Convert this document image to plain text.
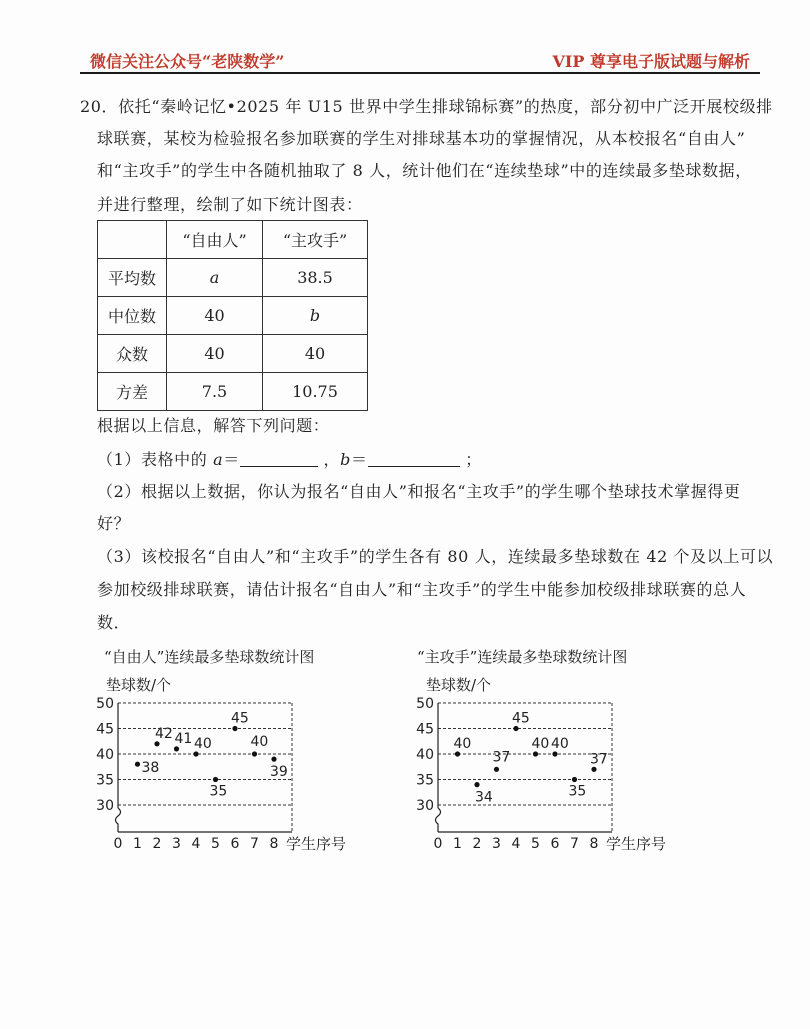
微信关注公众号“老陕数学”	VIP 尊享电子版试题与解析
20．依托“秦岭记忆•2025 年 U15 世界中学生排球锦标赛”的热度，部分初中广泛开展校级排
球联赛，某校为检验报名参加联赛的学生对排球基本功的掌握情况，从本校报名“自由人”
和“主攻手”的学生中各随机抽取了 8 人，统计他们在“连续垫球”中的连续最多垫球数据，
并进行整理，绘制了如下统计图表：
	“自由人”	“主攻手”
平均数	a	38.5
中位数	40	b
众数	40	40
方差	7.5	10.75
根据以上信息，解答下列问题：
（1）表格中的 a＝	，b＝	；
（2）根据以上数据，你认为报名“自由人”和报名“主攻手”的学生哪个垫球技术掌握得更
好？
（3）该校报名“自由人”和“主攻手”的学生各有 80 人，连续最多垫球数在 42 个及以上可以
参加校级排球联赛，请估计报名“自由人”和“主攻手”的学生中能参加校级排球联赛的总人
数．
“自由人”连续最多垫球数统计图	“主攻手”连续最多垫球数统计图
垫球数/个
30
35
40
45
50
0 1 2 3 4 5 6 7 8 学生序号
38
42 41 40
35
45
40
39
垫球数/个
30
35
40
45
50
0 1 2 3 4 5 6 7 8 学生序号
40
34
37
45
40 40
35
37
